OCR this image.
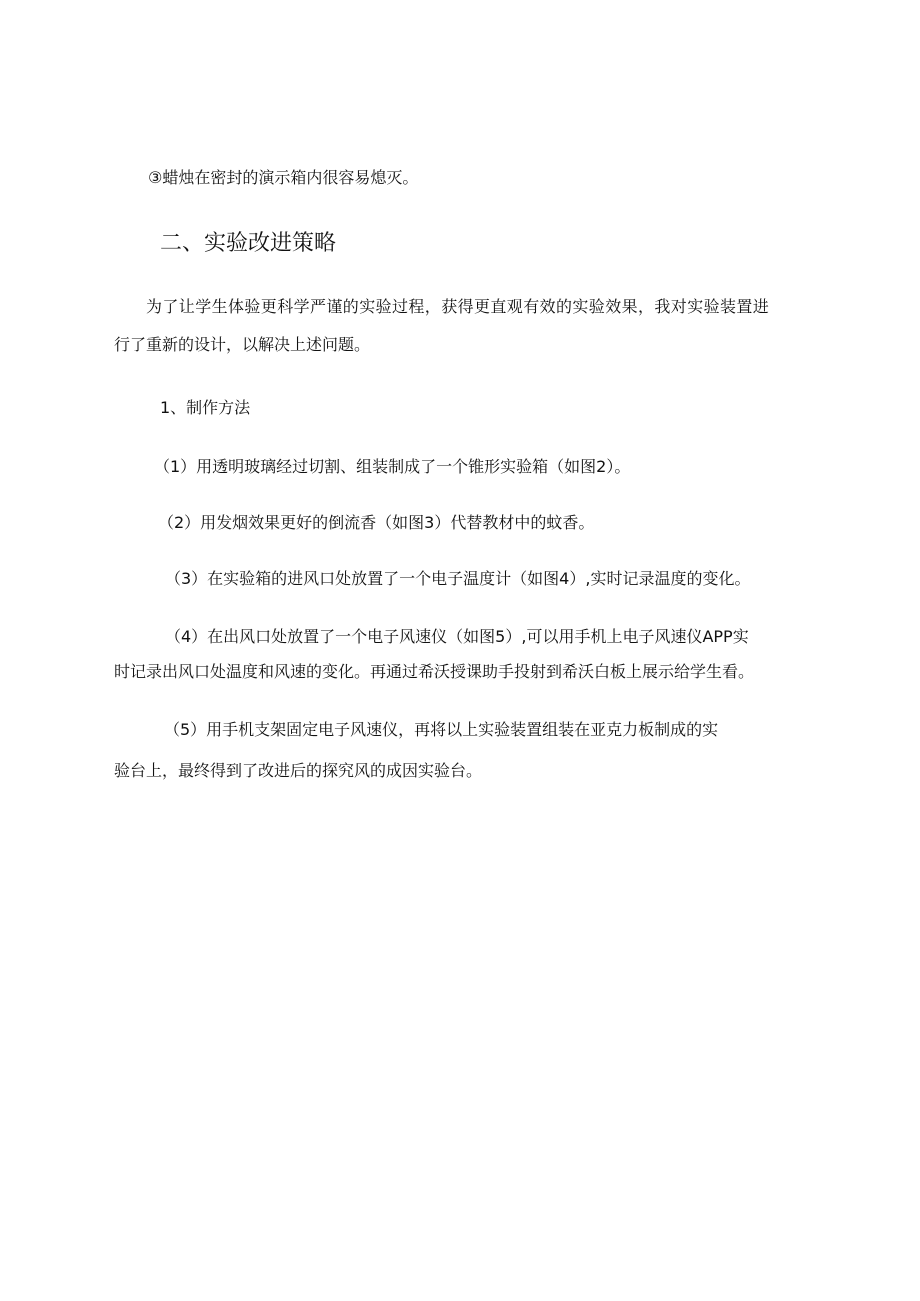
③蜡烛在密封的演示箱内很容易熄灭。
二、实验改进策略
为了让学生体验更科学严谨的实验过程，获得更直观有效的实验效果，我对实验装置进
行了重新的设计，以解决上述问题。
1、制作方法
（1）用透明玻璃经过切割、组装制成了一个锥形实验箱（如图2）。
（2）用发烟效果更好的倒流香（如图3）代替教材中的蚊香。
（3）在实验箱的进风口处放置了一个电子温度计（如图4）,实时记录温度的变化。
（4）在出风口处放置了一个电子风速仪（如图5）,可以用手机上电子风速仪APP实
时记录出风口处温度和风速的变化。再通过希沃授课助手投射到希沃白板上展示给学生看。
（5）用手机支架固定电子风速仪，再将以上实验装置组装在亚克力板制成的实
验台上，最终得到了改进后的探究风的成因实验台。
